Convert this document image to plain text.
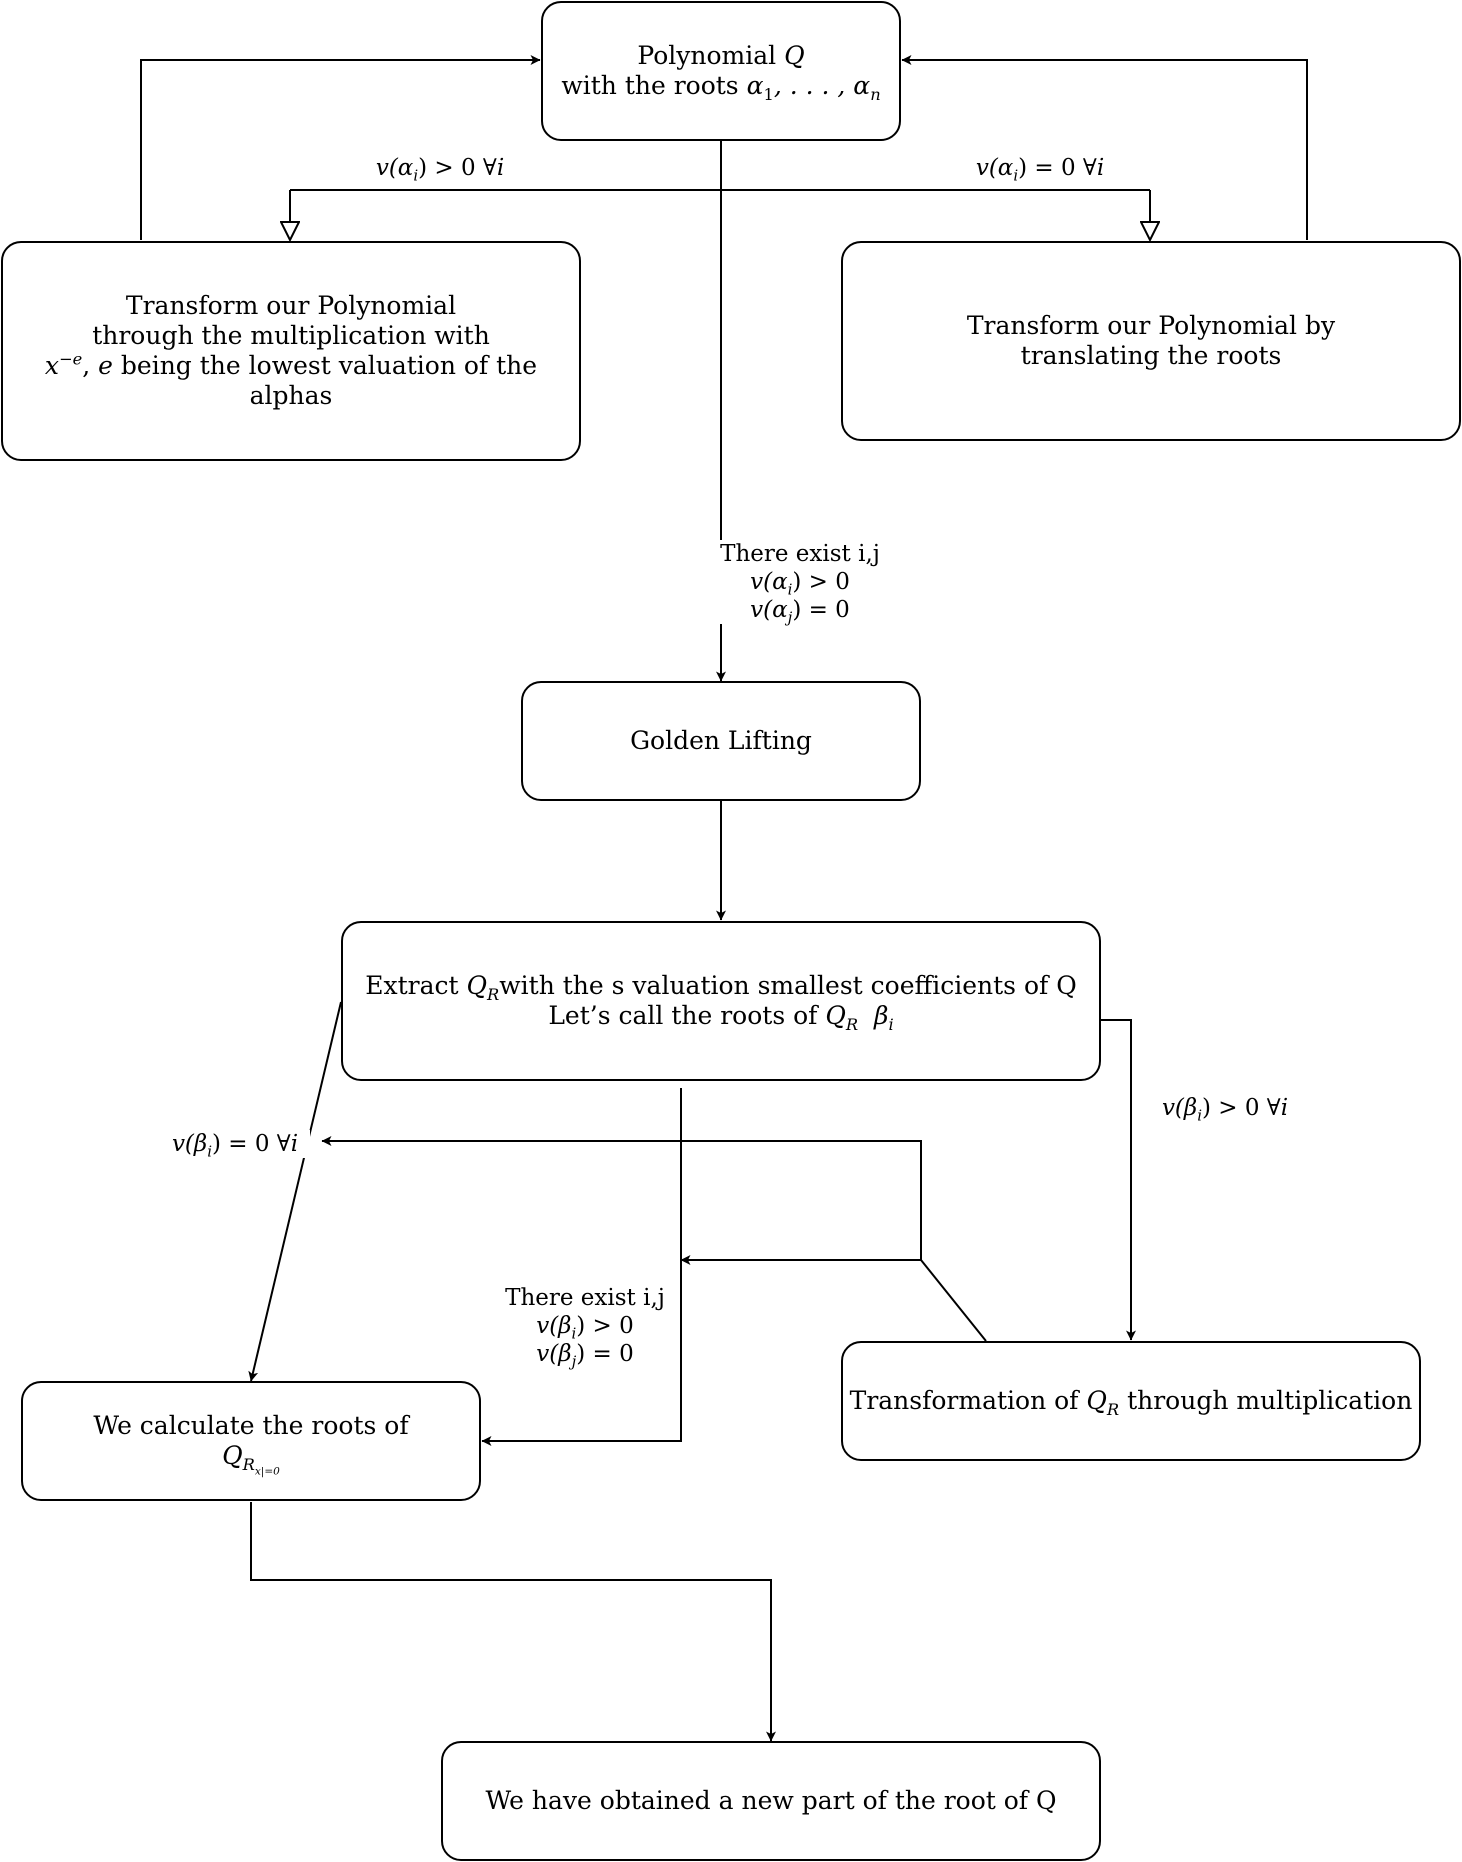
Polynomial Q
with the roots $\alpha_1$, . . . , $\alpha_n$
Transform our Polynomial
through the multiplication with
$x^{-e}$, e being the lowest valuation of the alphas
Transform our Polynomial by
translating the roots
Golden Lifting
Extract $Q_Rwith$ the s valuation smallest coefficients of Q
Let’s call the roots of $Q_R$ $\beta_i$
We calculate the roots of
$Q_{R_{x|=0}}$
Transformation of $Q_R$ through multiplication
We have obtained a new part of the root of Q
$v(\alpha_i) > 0$ ∀i	$v(\alpha_i) = 0$ ∀i
There exist i,j
$v(\alpha_i) > 0$
$v(\alpha_j) = 0$
$v(\beta_i) = 0$ ∀i
$v(\beta_i) > 0$ ∀i
There exist i,j
$v(\beta_i) > 0$
$v(\beta_j) = 0$
